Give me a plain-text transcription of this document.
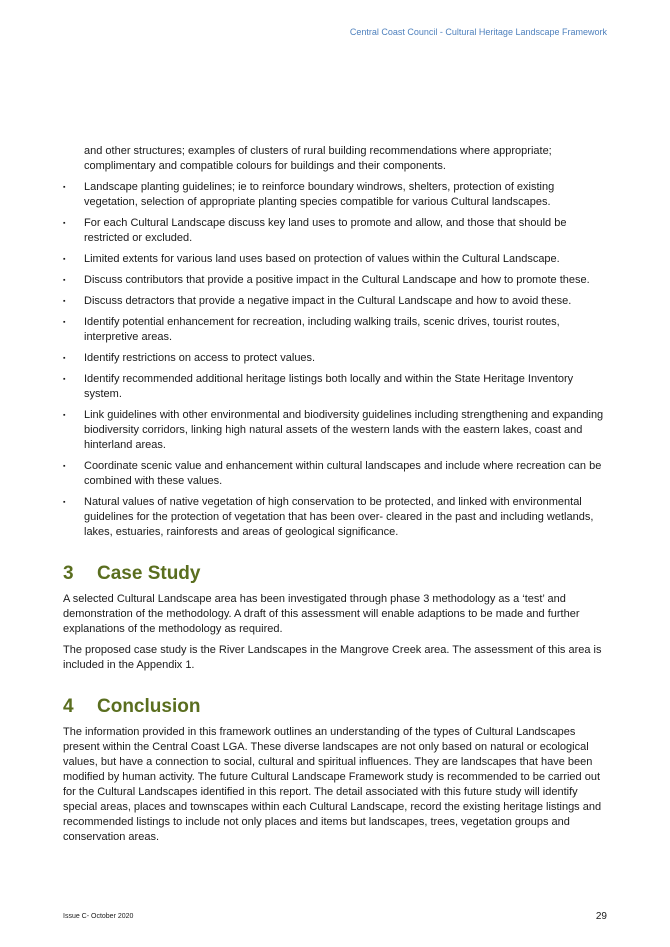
Central Coast Council - Cultural Heritage Landscape Framework

and other structures; examples of clusters of rural building recommendations where appropriate; complimentary and compatible colours for buildings and their components.

▪ Landscape planting guidelines; ie to reinforce boundary windrows, shelters, protection of existing vegetation, selection of appropriate planting species compatible for various Cultural landscapes.
▪ For each Cultural Landscape discuss key land uses to promote and allow, and those that should be restricted or excluded.
▪ Limited extents for various land uses based on protection of values within the Cultural Landscape.
▪ Discuss contributors that provide a positive impact in the Cultural Landscape and how to promote these.
▪ Discuss detractors that provide a negative impact in the Cultural Landscape and how to avoid these.
▪ Identify potential enhancement for recreation, including walking trails, scenic drives, tourist routes, interpretive areas.
▪ Identify restrictions on access to protect values.
▪ Identify recommended additional heritage listings both locally and within the State Heritage Inventory system.
▪ Link guidelines with other environmental and biodiversity guidelines including strengthening and expanding biodiversity corridors, linking high natural assets of the western lands with the eastern lakes, coast and hinterland areas.
▪ Coordinate scenic value and enhancement within cultural landscapes and include where recreation can be combined with these values.
▪ Natural values of native vegetation of high conservation to be protected, and linked with environmental guidelines for the protection of vegetation that has been over- cleared in the past and including wetlands, lakes, estuaries, rainforests and areas of geological significance.
3 Case Study

A selected Cultural Landscape area has been investigated through phase 3 methodology as a ‘test’ and demonstration of the methodology. A draft of this assessment will enable adaptions to be made and further explanations of the methodology as required.

The proposed case study is the River Landscapes in the Mangrove Creek area. The assessment of this area is included in the Appendix 1.

4 Conclusion

The information provided in this framework outlines an understanding of the types of Cultural Landscapes present within the Central Coast LGA. These diverse landscapes are not only based on natural or ecological values, but have a connection to social, cultural and spiritual influences. They are landscapes that have been modified by human activity. The future Cultural Landscape Framework study is recommended to be carried out for the Cultural Landscapes identified in this report. The detail associated with this future study will identify special areas, places and townscapes within each Cultural Landscape, record the existing heritage listings and recommended listings to include not only places and items but landscapes, trees, vegetation groups and conservation areas.

Issue C- October 2020	29
